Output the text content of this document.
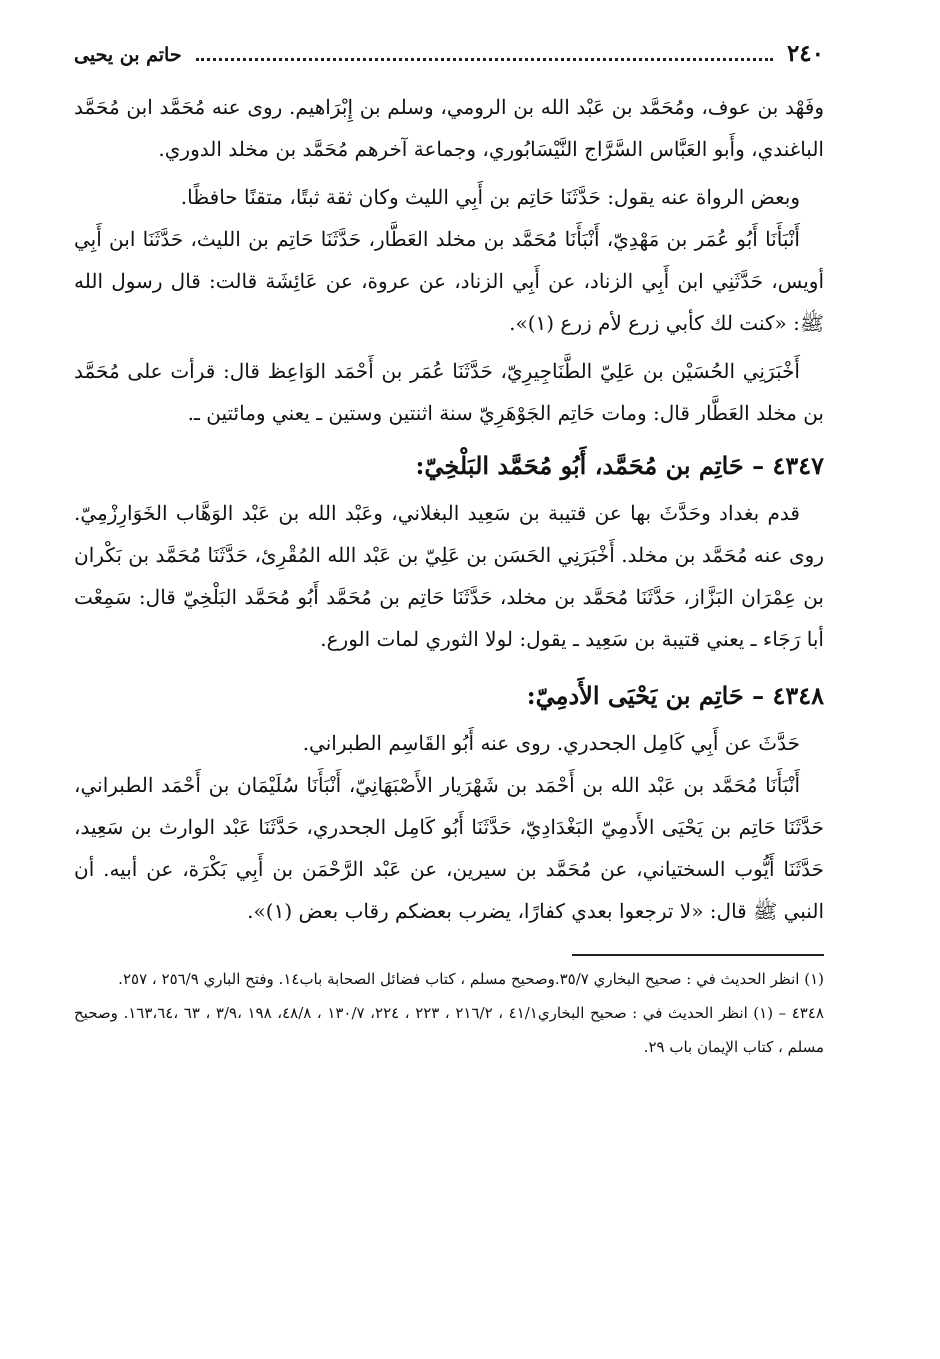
٢٤٠
حاتم بن يحيى

وفَهْد بن عوف، ومُحَمَّد بن عَبْد الله بن الرومي، وسلم بن إِبْرَاهيم. روى عنه مُحَمَّد ابن مُحَمَّد الباغندي، وأَبو العَبَّاس السَّرَّاج النَّيْسَابُوري، وجماعة آخرهم مُحَمَّد بن مخلد الدوري.

وبعض الرواة عنه يقول: حَدَّثَنَا حَاتِم بن أَبِي الليث وكان ثقة ثبتًا، متقنًا حافظًا.

أَنْبَأَنَا أَبُو عُمَر بن مَهْدِيّ، أَنْبَأَنَا مُحَمَّد بن مخلد العَطَّار، حَدَّثَنَا حَاتِم بن الليث، حَدَّثَنَا ابن أَبِي أويس، حَدَّثَنِي ابن أَبِي الزناد، عن أَبِي الزناد، عن عروة، عن عَائِشَة قالت: قال رسول الله ﷺ: «كنت لك كأبي زرع لأم زرع (١)».

أَخْبَرَنِي الحُسَيْن بن عَلِيّ الطَّنَاجِيرِيّ، حَدَّثَنَا عُمَر بن أَحْمَد الوَاعِظ قال: قرأت على مُحَمَّد بن مخلد العَطَّار قال: ومات حَاتِم الجَوْهَرِيّ سنة اثنتين وستين ـ يعني ومائتين ـ.

٤٣٤٧ – حَاتِم بن مُحَمَّد، أَبُو مُحَمَّد البَلْخِيّ:

قدم بغداد وحَدَّثَ بها عن قتيبة بن سَعِيد البغلاني، وعَبْد الله بن عَبْد الوَهَّاب الخَوَارِزْمِيّ. روى عنه مُحَمَّد بن مخلد. أَخْبَرَنِي الحَسَن بن عَلِيّ بن عَبْد الله المُقْرِئ، حَدَّثَنَا مُحَمَّد بن بَكْران بن عِمْرَان البَزَّاز، حَدَّثَنَا مُحَمَّد بن مخلد، حَدَّثَنَا حَاتِم بن مُحَمَّد أَبُو مُحَمَّد البَلْخِيّ قال: سَمِعْت أبا رَجَاء ـ يعني قتيبة بن سَعِيد ـ يقول: لولا الثوري لمات الورع.

٤٣٤٨ – حَاتِم بن يَحْيَى الأَدمِيّ:

حَدَّثَ عن أَبِي كَامِل الجحدري. روى عنه أَبُو القَاسِم الطبراني.

أَنْبَأَنَا مُحَمَّد بن عَبْد الله بن أَحْمَد بن شَهْرَيار الأَصْبَهَانِيّ، أَنْبَأَنَا سُلَيْمَان بن أَحْمَد الطبراني، حَدَّثَنَا حَاتِم بن يَحْيَى الأَدمِيّ البَغْدَادِيّ، حَدَّثَنَا أَبُو كَامِل الجحدري، حَدَّثَنَا عَبْد الوارث بن سَعِيد، حَدَّثَنَا أَيُّوب السختياني، عن مُحَمَّد بن سيرين، عن عَبْد الرَّحْمَن بن أَبِي بَكْرَة، عن أبيه. أن النبي ﷺ قال: «لا ترجعوا بعدي كفارًا، يضرب بعضكم رقاب بعض (١)».

(١) انظر الحديث في : صحيح البخاري ٣٥/٧.وصحيح مسلم ، كتاب فضائل الصحابة باب١٤. وفتح الباري ٢٥٦/٩ ، ٢٥٧.

٤٣٤٨ – (١) انظر الحديث في : صحيح البخاري٤١/١ ، ٢١٦/٢ ، ٢٢٣ ، ٢٢٤، ١٣٠/٧ ، ٤٨/٨، ١٩٨ ،٣/٩ ، ٦٣ ،١٦٣،٦٤. وصحيح مسلم ، كتاب الإيمان باب ٢٩.
